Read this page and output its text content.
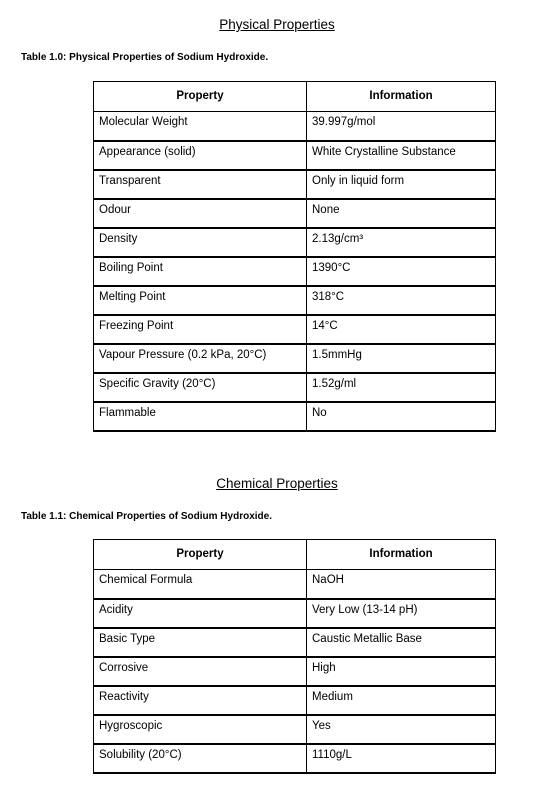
Physical Properties
Table 1.0: Physical Properties of Sodium Hydroxide.
Property	Information
Molecular Weight	39.997g/mol
Appearance (solid)	White Crystalline Substance
Transparent	Only in liquid form
Odour	None
Density	2.13g/cm³
Boiling Point	1390°C
Melting Point	318°C
Freezing Point	14°C
Vapour Pressure (0.2 kPa, 20°C)	1.5mmHg
Specific Gravity (20°C)	1.52g/ml
Flammable	No
Chemical Properties
Table 1.1: Chemical Properties of Sodium Hydroxide.
Property	Information
Chemical Formula	NaOH
Acidity	Very Low (13-14 pH)
Basic Type	Caustic Metallic Base
Corrosive	High
Reactivity	Medium
Hygroscopic	Yes
Solubility (20°C)	1110g/L
